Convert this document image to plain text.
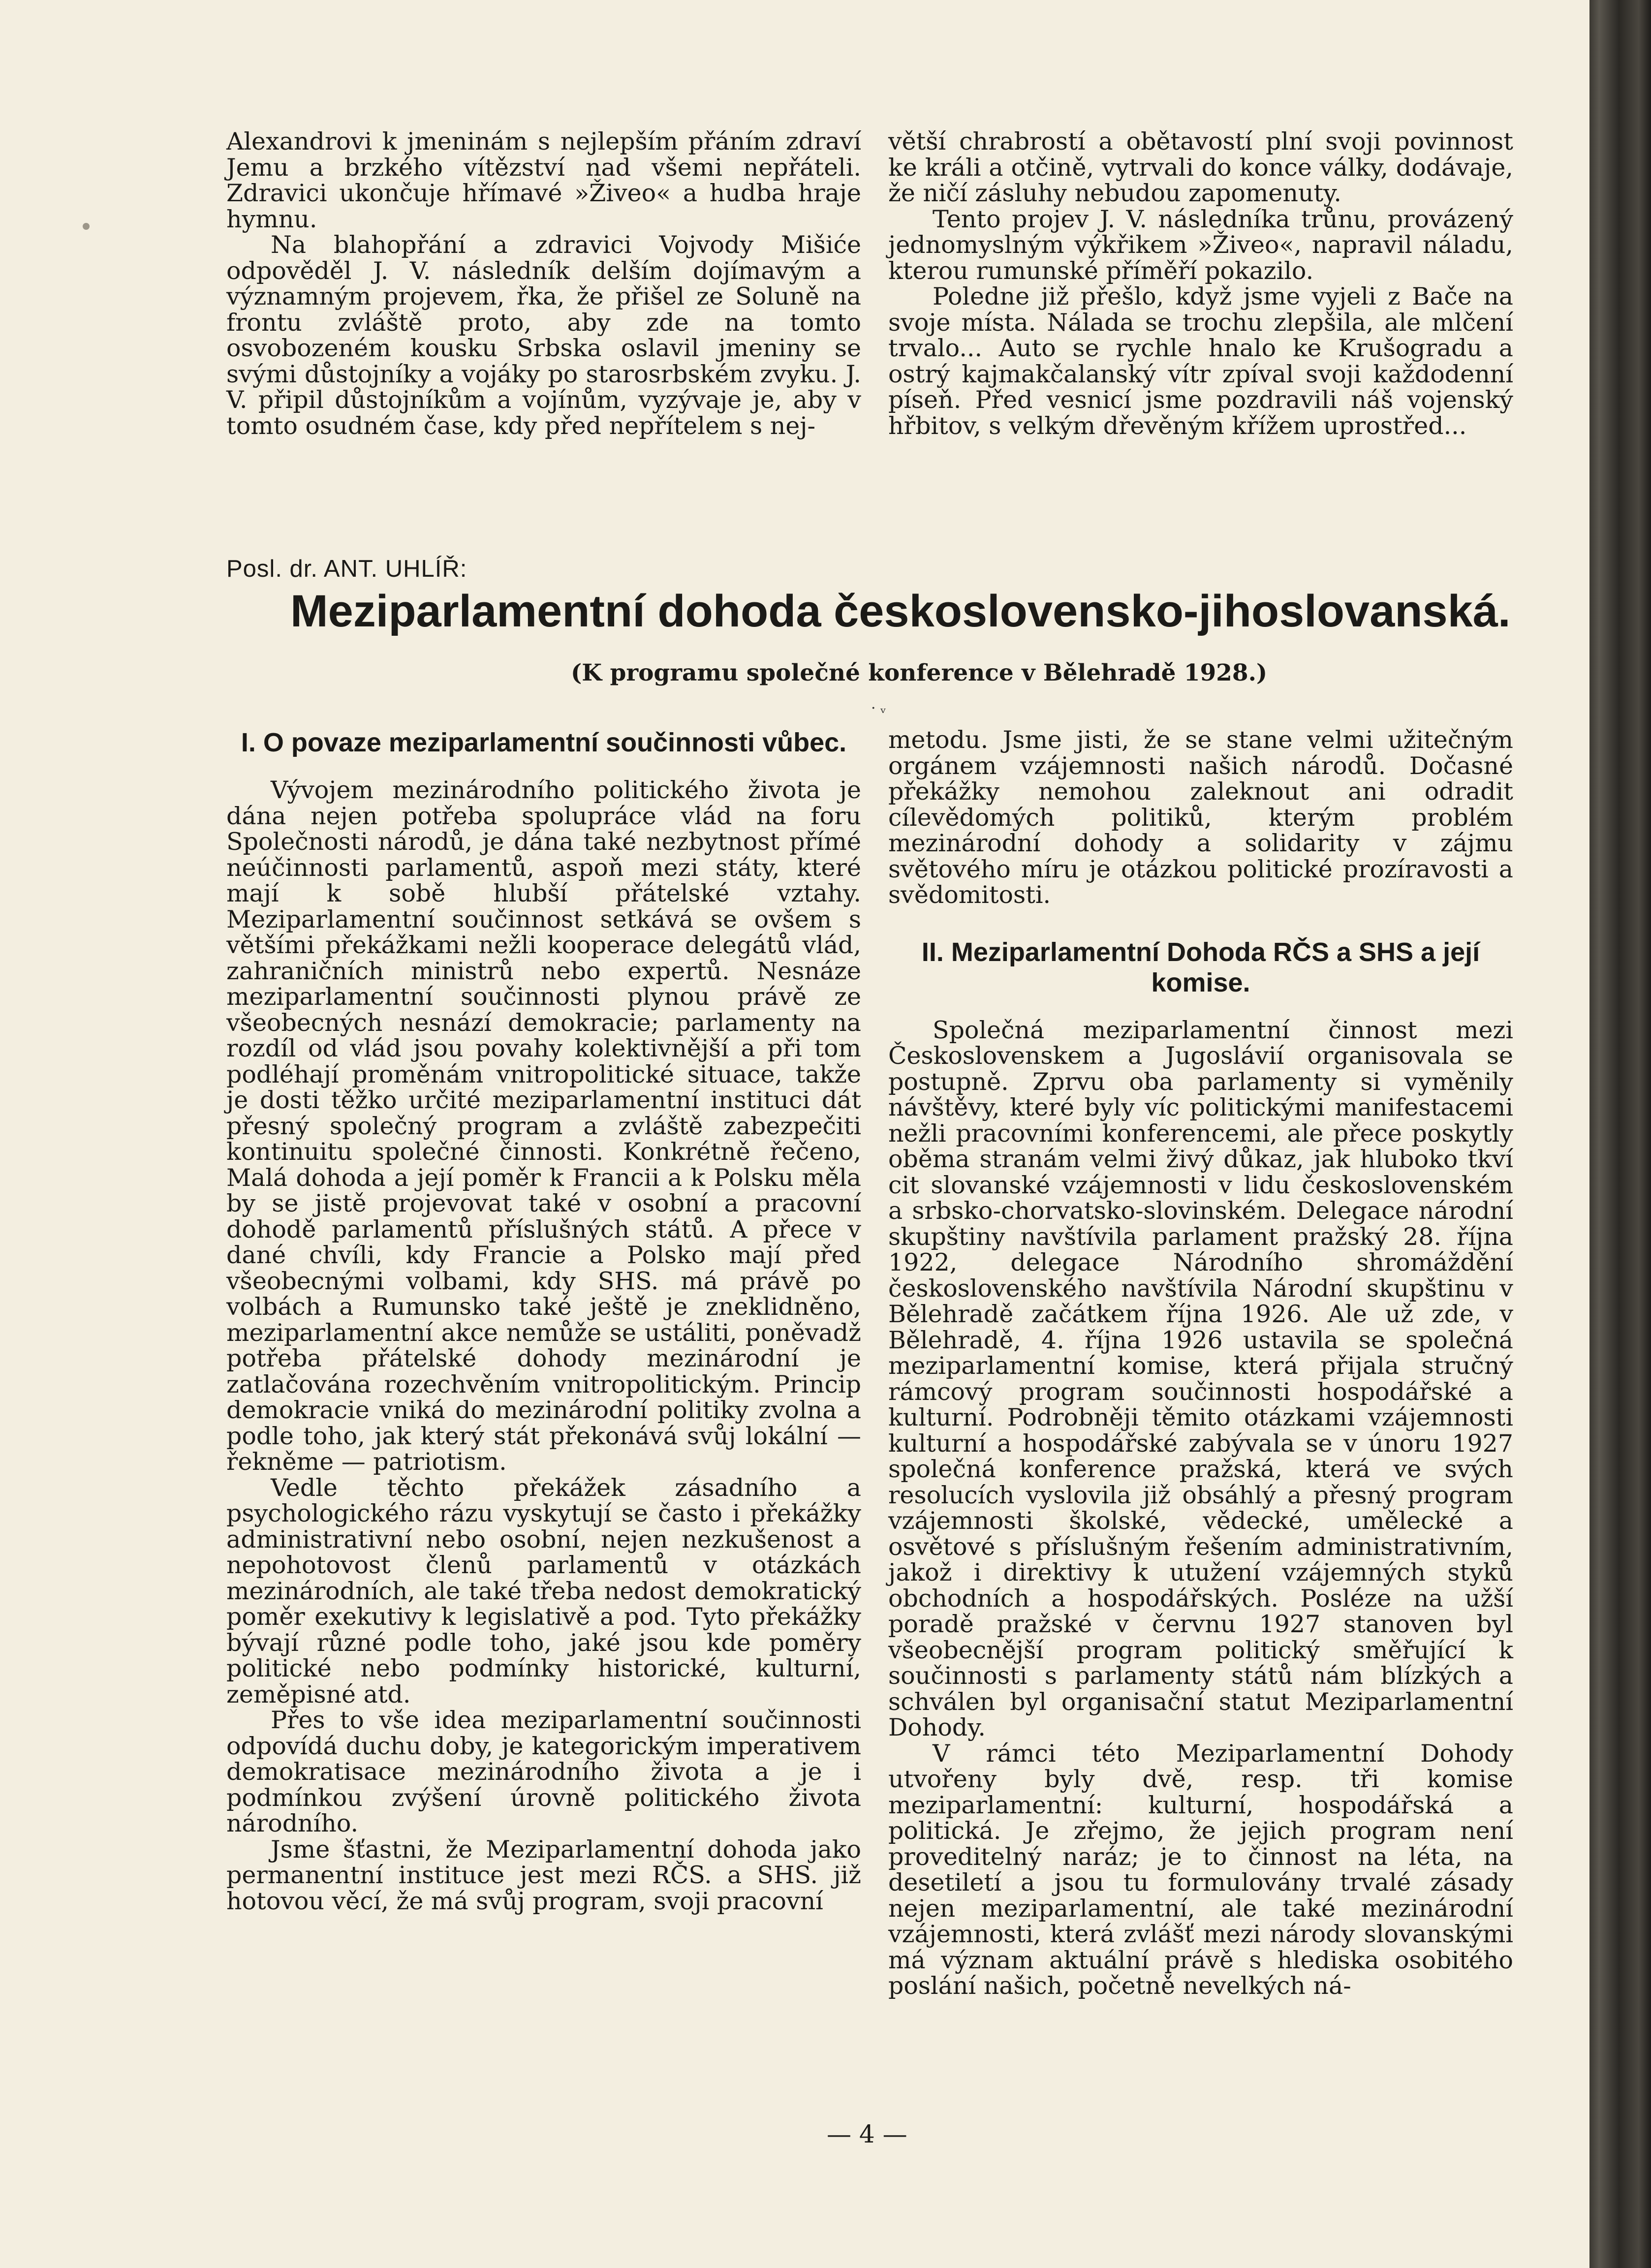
Alexandrovi k jmeninám s nejlepším přáním zdraví Jemu a brzkého vítězství nad všemi nepřáteli. Zdravici ukončuje hřímavé »Živeo« a hudba hraje hymnu.

Na blahopřání a zdravici Vojvody Mišiće odpověděl J. V. následník delším dojímavým a významným projevem, řka, že přišel ze Soluně na frontu zvláště proto, aby zde na tomto osvobozeném kousku Srbska oslavil jmeniny se svými důstojníky a vojáky po starosrbském zvyku. J. V. připil důstojníkům a vojínům, vyzývaje je, aby v tomto osudném čase, kdy před nepřítelem s nej-

větší chrabrostí a obětavostí plní svoji povinnost ke králi a otčině, vytrvali do konce války, dodávaje, že ničí zásluhy nebudou zapomenuty.

Tento projev J. V. následníka trůnu, provázený jednomyslným výkřikem »Živeo«, napravil náladu, kterou rumunské příměří pokazilo.

Poledne již přešlo, když jsme vyjeli z Bače na svoje místa. Nálada se trochu zlepšila, ale mlčení trvalo... Auto se rychle hnalo ke Krušogradu a ostrý kajmakčalanský vítr zpíval svoji každodenní píseň. Před vesnicí jsme pozdravili náš vojenský hřbitov, s velkým dřevěným křížem uprostřed...

Posl. dr. ANT. UHLÍŘ:
Meziparlamentní dohoda československo-jihoslovanská.
(K programu společné konference v Bělehradě 1928.)
· ᵥ
I. O povaze meziparlamentní součinnosti vůbec.

Vývojem mezinárodního politického života je dána nejen potřeba spolupráce vlád na foru Společnosti národů, je dána také nezbytnost přímé neúčinnosti parlamentů, aspoň mezi státy, které mají k sobě hlubší přátelské vztahy. Meziparlamentní součinnost setkává se ovšem s většími překážkami nežli kooperace delegátů vlád, zahraničních ministrů nebo expertů. Nesnáze meziparlamentní součinnosti plynou právě ze všeobecných nesnází demokracie; parlamenty na rozdíl od vlád jsou povahy kolektivnější a při tom podléhají proměnám vnitropolitické situace, takže je dosti těžko určité meziparlamentní instituci dát přesný společný program a zvláště zabezpečiti kontinuitu společné činnosti. Konkrétně řečeno, Malá dohoda a její poměr k Francii a k Polsku měla by se jistě projevovat také v osobní a pracovní dohodě parlamentů příslušných států. A přece v dané chvíli, kdy Francie a Polsko mají před všeobecnými volbami, kdy SHS. má právě po volbách a Rumunsko také ještě je zneklidněno, meziparlamentní akce nemůže se ustáliti, poněvadž potřeba přátelské dohody mezinárodní je zatlačována rozechvěním vnitropolitickým. Princip demokracie vniká do mezinárodní politiky zvolna a podle toho, jak který stát překonává svůj lokální — řekněme — patriotism.

Vedle těchto překážek zásadního a psychologického rázu vyskytují se často i překážky administrativní nebo osobní, nejen nezkušenost a nepohotovost členů parlamentů v otázkách mezinárodních, ale také třeba nedost demokratický poměr exekutivy k legislativě a pod. Tyto překážky bývají různé podle toho, jaké jsou kde poměry politické nebo podmínky historické, kulturní, zeměpisné atd.

Přes to vše idea meziparlamentní součinnosti odpovídá duchu doby, je kategorickým imperativem demokratisace mezinárodního života a je i podmínkou zvýšení úrovně politického života národního.

Jsme šťastni, že Meziparlamentní dohoda jako permanentní instituce jest mezi RČS. a SHS. již hotovou věcí, že má svůj program, svoji pracovní

metodu. Jsme jisti, že se stane velmi užitečným orgánem vzájemnosti našich národů. Dočasné překážky nemohou zaleknout ani odradit cílevědomých politiků, kterým problém mezinárodní dohody a solidarity v zájmu světového míru je otázkou politické prozíravosti a svědomitosti.

II. Meziparlamentní Dohoda RČS a SHS a její komise.

Společná meziparlamentní činnost mezi Československem a Jugoslávií organisovala se postupně. Zprvu oba parlamenty si vyměnily návštěvy, které byly víc politickými manifestacemi nežli pracovními konferencemi, ale přece poskytly oběma stranám velmi živý důkaz, jak hluboko tkví cit slovanské vzájemnosti v lidu československém a srbsko-chorvatsko-slovinském. Delegace národní skupštiny navštívila parlament pražský 28. října 1922, delegace Národního shromáždění československého navštívila Národní skupštinu v Bělehradě začátkem října 1926. Ale už zde, v Bělehradě, 4. října 1926 ustavila se společná meziparlamentní komise, která přijala stručný rámcový program součinnosti hospodářské a kulturní. Podrobněji těmito otázkami vzájemnosti kulturní a hospodářské zabývala se v únoru 1927 společná konference pražská, která ve svých resolucích vyslovila již obsáhlý a přesný program vzájemnosti školské, vědecké, umělecké a osvětové s příslušným řešením administrativním, jakož i direktivy k utužení vzájemných styků obchodních a hospodářských. Posléze na užší poradě pražské v červnu 1927 stanoven byl všeobecnější program politický směřující k součinnosti s parlamenty států nám blízkých a schválen byl organisační statut Meziparlamentní Dohody.

V rámci této Meziparlamentní Dohody utvořeny byly dvě, resp. tři komise meziparlamentní: kulturní, hospodářská a politická. Je zřejmo, že jejich program není proveditelný naráz; je to činnost na léta, na desetiletí a jsou tu formulovány trvalé zásady nejen meziparlamentní, ale také mezinárodní vzájemnosti, která zvlášť mezi národy slovanskými má význam aktuální právě s hlediska osobitého poslání našich, početně nevelkých ná-

— 4 —
